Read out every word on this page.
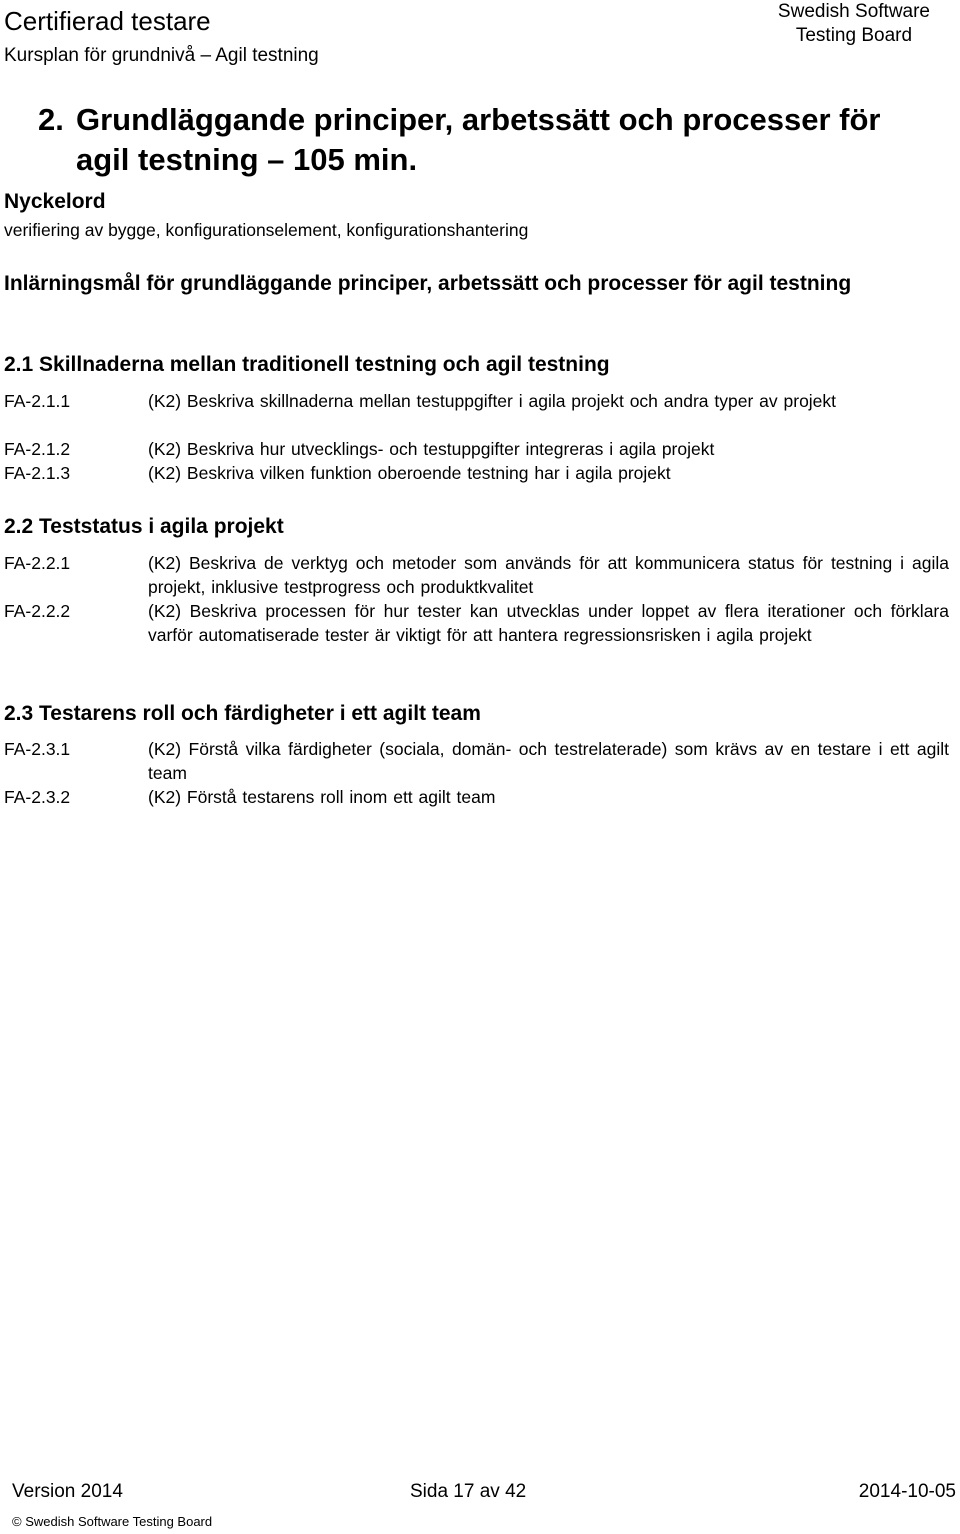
Certifierad testare
Kursplan för grundnivå – Agil testning
Swedish Software
Testing Board
2. Grundläggande principer, arbetssätt och processer för
agil testning – 105 min.
Nyckelord
verifiering av bygge, konfigurationselement, konfigurationshantering
Inlärningsmål för grundläggande principer, arbetssätt och processer för agil testning
2.1 Skillnaderna mellan traditionell testning och agil testning
FA-2.1.1	(K2) Beskriva skillnaderna mellan testuppgifter i agila projekt och andra typer av projekt
FA-2.1.2	(K2) Beskriva hur utvecklings- och testuppgifter integreras i agila projekt
FA-2.1.3	(K2) Beskriva vilken funktion oberoende testning har i agila projekt
2.2 Teststatus i agila projekt
FA-2.2.1	(K2) Beskriva de verktyg och metoder som används för att kommunicera status för testning i agila projekt, inklusive testprogress och produktkvalitet
FA-2.2.2	(K2) Beskriva processen för hur tester kan utvecklas under loppet av flera iterationer och förklara varför automatiserade tester är viktigt för att hantera regressionsrisken i agila projekt
2.3 Testarens roll och färdigheter i ett agilt team
FA-2.3.1	(K2) Förstå vilka färdigheter (sociala, domän- och testrelaterade) som krävs av en testare i ett agilt team
FA-2.3.2	(K2) Förstå testarens roll inom ett agilt team
Version 2014	Sida 17 av 42	2014-10-05
© Swedish Software Testing Board
